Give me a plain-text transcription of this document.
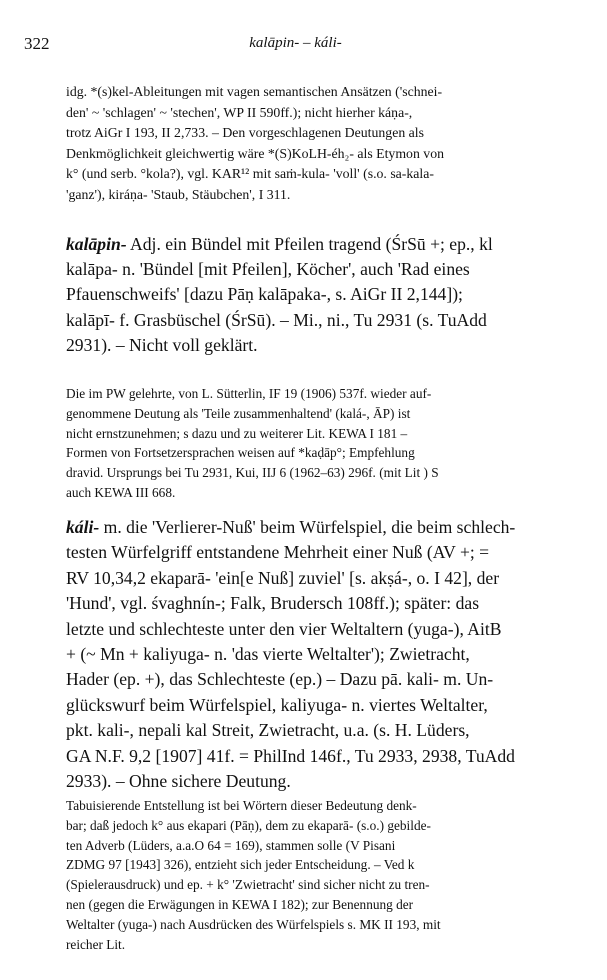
322	kalāpin- – káli-
idg. *(s)kel-Ableitungen mit vagen semantischen Ansätzen ('schnei-
den' ~ 'schlagen' ~ 'stechen', WP II 590ff.); nicht hierher káṇa-,
trotz AiGr I 193, II 2,733. – Den vorgeschlagenen Deutungen als
Denkmöglichkeit gleichwertig wäre *(S)KoLH-éh₂- als Etymon von
k° (und serb. °kola?), vgl. KAR¹² mit saṁ-kula- 'voll' (s.o. sa-kala-
'ganz'), kiráṇa- 'Staub, Stäubchen', I 311.
kalāpin- Adj. ein Bündel mit Pfeilen tragend (ŚrSū +; ep., kl
kalāpa- n. 'Bündel [mit Pfeilen], Köcher', auch 'Rad eines
Pfauenschweifs' [dazu Pāṇ kalāpaka-, s. AiGr II 2,144]);
kalāpī- f. Grasbüschel (ŚrSū). – Mi., ni., Tu 2931 (s. TuAdd
2931). – Nicht voll geklärt.
Die im PW gelehrte, von L. Sütterlin, IF 19 (1906) 537f. wieder auf-
genommene Deutung als 'Teile zusammenhaltend' (kalá-, ĀP) ist
nicht ernstzunehmen; s dazu und zu weiterer Lit. KEWA I 181 –
Formen von Fortsetzersprachen weisen auf *kaḍāp°; Empfehlung
dravid. Ursprungs bei Tu 2931, Kui, IIJ 6 (1962–63) 296f. (mit Lit ) S
auch KEWA III 668.
káli- m. die 'Verlierer-Nuß' beim Würfelspiel, die beim schlech-
testen Würfelgriff entstandene Mehrheit einer Nuß (AV +; =
RV 10,34,2 ekaparā- 'ein[e Nuß] zuviel' [s. akṣá-, o. I 42], der
'Hund', vgl. śvaghnín-; Falk, Brudersch 108ff.); später: das
letzte und schlechteste unter den vier Weltaltern (yuga-), AitB
+ (~ Mn + kaliyuga- n. 'das vierte Weltalter'); Zwietracht,
Hader (ep. +), das Schlechteste (ep.) – Dazu pā. kali- m. Un-
glückswurf beim Würfelspiel, kaliyuga- n. viertes Weltalter,
pkt. kali-, nepali kal Streit, Zwietracht, u.a. (s. H. Lüders,
GA N.F. 9,2 [1907] 41f. = PhilInd 146f., Tu 2933, 2938, TuAdd
2933). – Ohne sichere Deutung.
Tabuisierende Entstellung ist bei Wörtern dieser Bedeutung denk-
bar; daß jedoch k° aus ekapari (Pāṇ), dem zu ekaparā- (s.o.) gebilde-
ten Adverb (Lüders, a.a.O 64 = 169), stammen solle (V Pisani
ZDMG 97 [1943] 326), entzieht sich jeder Entscheidung. – Ved k
(Spielerausdruck) und ep. + k° 'Zwietracht' sind sicher nicht zu tren-
nen (gegen die Erwägungen in KEWA I 182); zur Benennung der
Weltalter (yuga-) nach Ausdrücken des Würfelspiels s. MK II 193, mit
reicher Lit.
